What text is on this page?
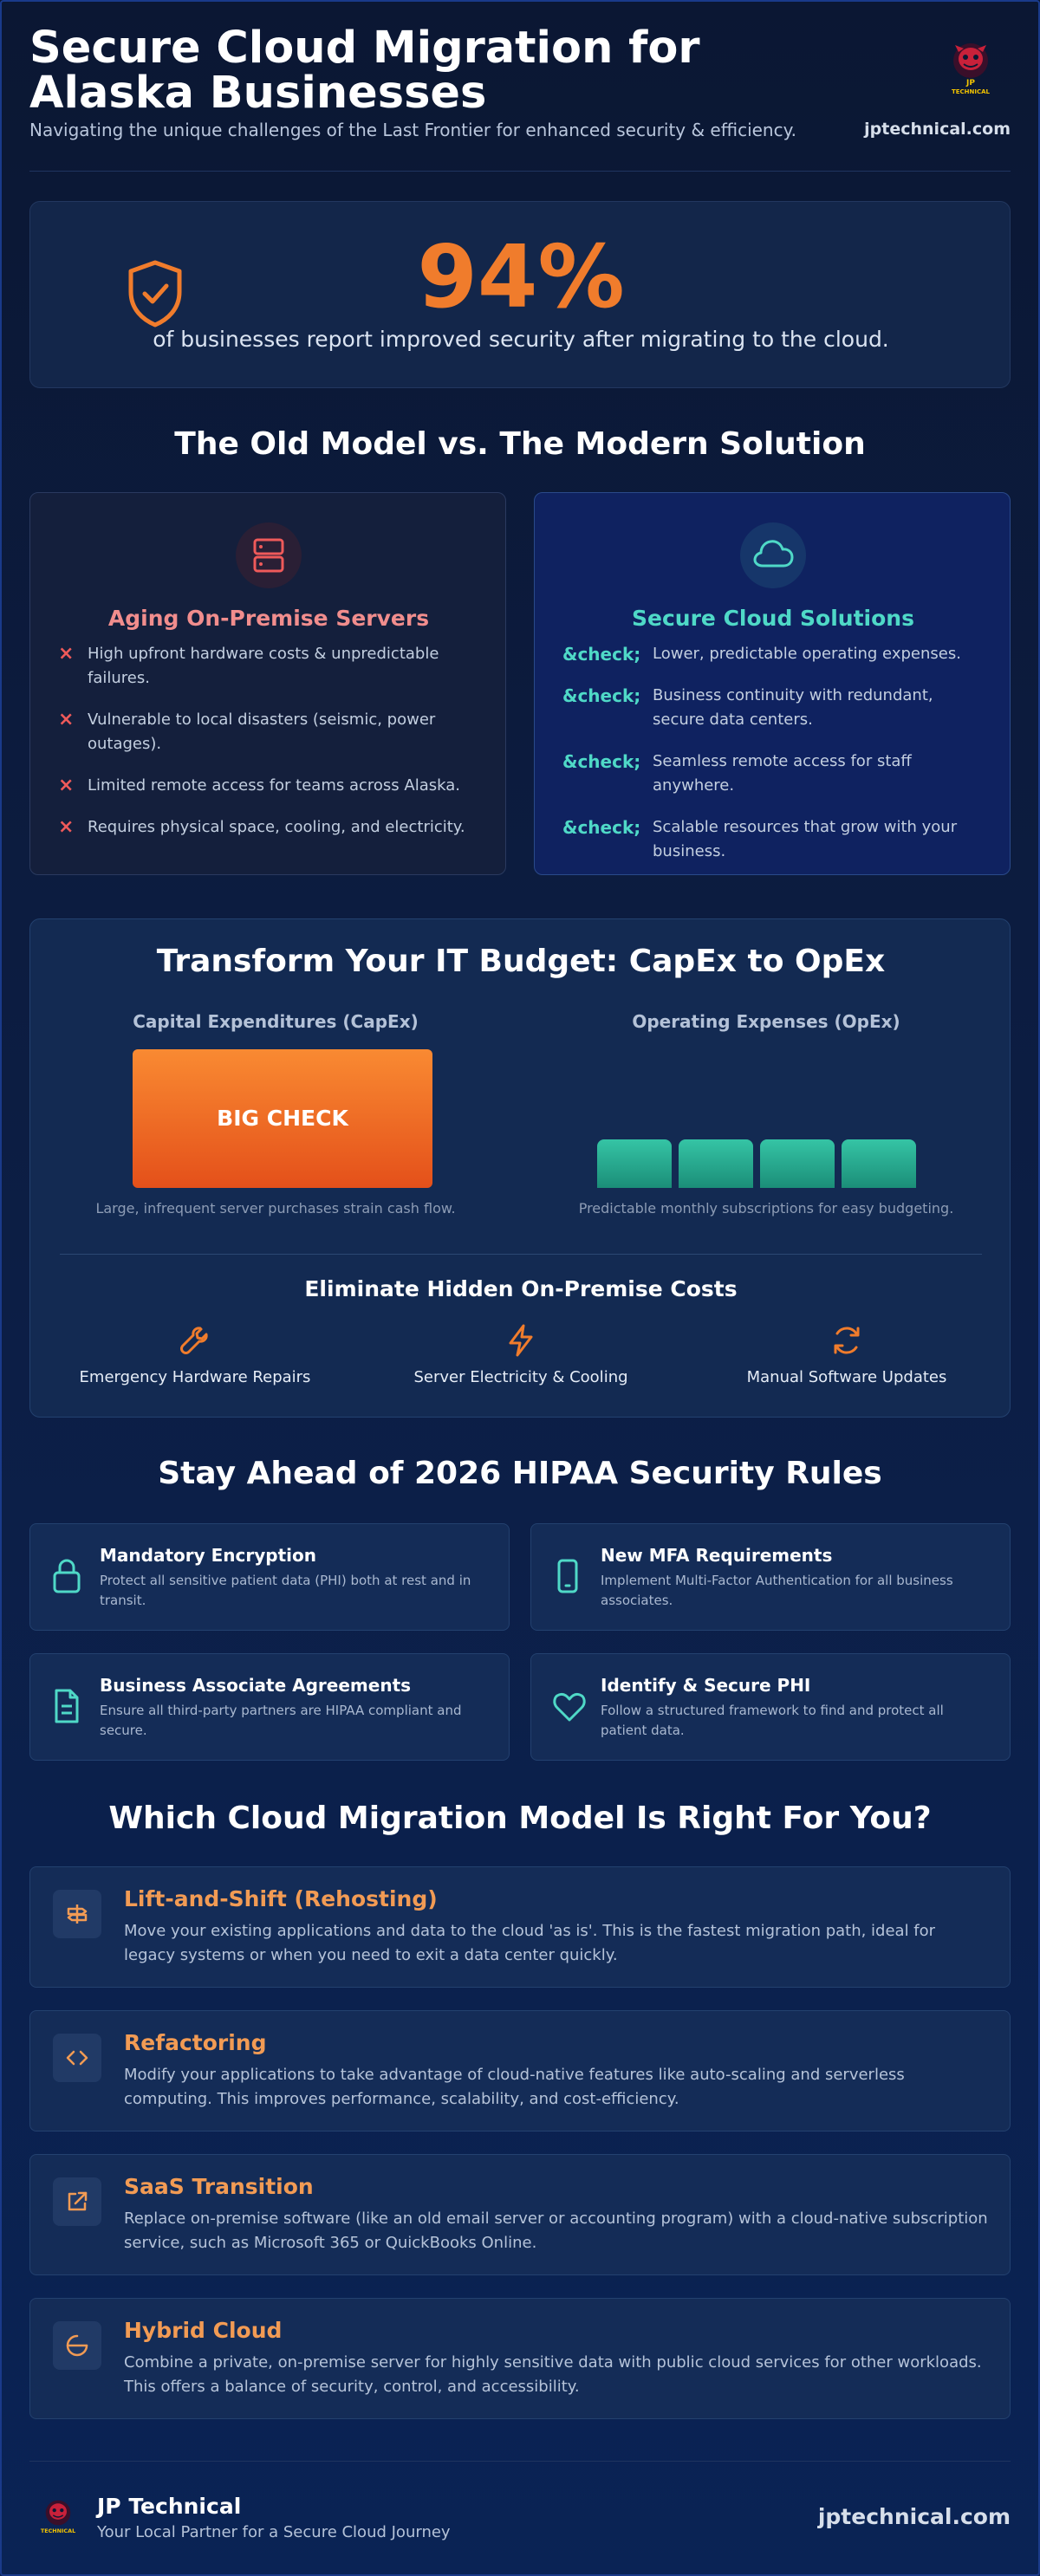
Secure Cloud Migration for Alaska Businesses
Navigating the unique challenges of the Last Frontier for enhanced security & efficiency.	jptechnical.com
JP
TECHNICAL
94%
of businesses report improved security after migrating to the cloud.
The Old Model vs. The Modern Solution
Aging On-Premise Servers
× High upfront hardware costs & unpredictable failures.
× Vulnerable to local disasters (seismic, power outages).
× Limited remote access for teams across Alaska.
× Requires physical space, cooling, and electricity.
Secure Cloud Solutions
&check; Lower, predictable operating expenses.
&check; Business continuity with redundant, secure data centers.
&check; Seamless remote access for staff anywhere.
&check; Scalable resources that grow with your business.
Transform Your IT Budget: CapEx to OpEx
Capital Expenditures (CapEx)	Operating Expenses (OpEx)
BIG CHECK
Large, infrequent server purchases strain cash flow.	Predictable monthly subscriptions for easy budgeting.
Eliminate Hidden On-Premise Costs
Emergency Hardware Repairs	Server Electricity & Cooling	Manual Software Updates
Stay Ahead of 2026 HIPAA Security Rules
Mandatory Encryption
Protect all sensitive patient data (PHI) both at rest and in transit.
New MFA Requirements
Implement Multi-Factor Authentication for all business associates.
Business Associate Agreements
Ensure all third-party partners are HIPAA compliant and secure.
Identify & Secure PHI
Follow a structured framework to find and protect all patient data.
Which Cloud Migration Model Is Right For You?
Lift-and-Shift (Rehosting)
Move your existing applications and data to the cloud 'as is'. This is the fastest migration path, ideal for legacy systems or when you need to exit a data center quickly.
Refactoring
Modify your applications to take advantage of cloud-native features like auto-scaling and serverless computing. This improves performance, scalability, and cost-efficiency.
SaaS Transition
Replace on-premise software (like an old email server or accounting program) with a cloud-native subscription service, such as Microsoft 365 or QuickBooks Online.
Hybrid Cloud
Combine a private, on-premise server for highly sensitive data with public cloud services for other workloads. This offers a balance of security, control, and accessibility.
TECHNICAL
JP Technical
Your Local Partner for a Secure Cloud Journey
jptechnical.com
